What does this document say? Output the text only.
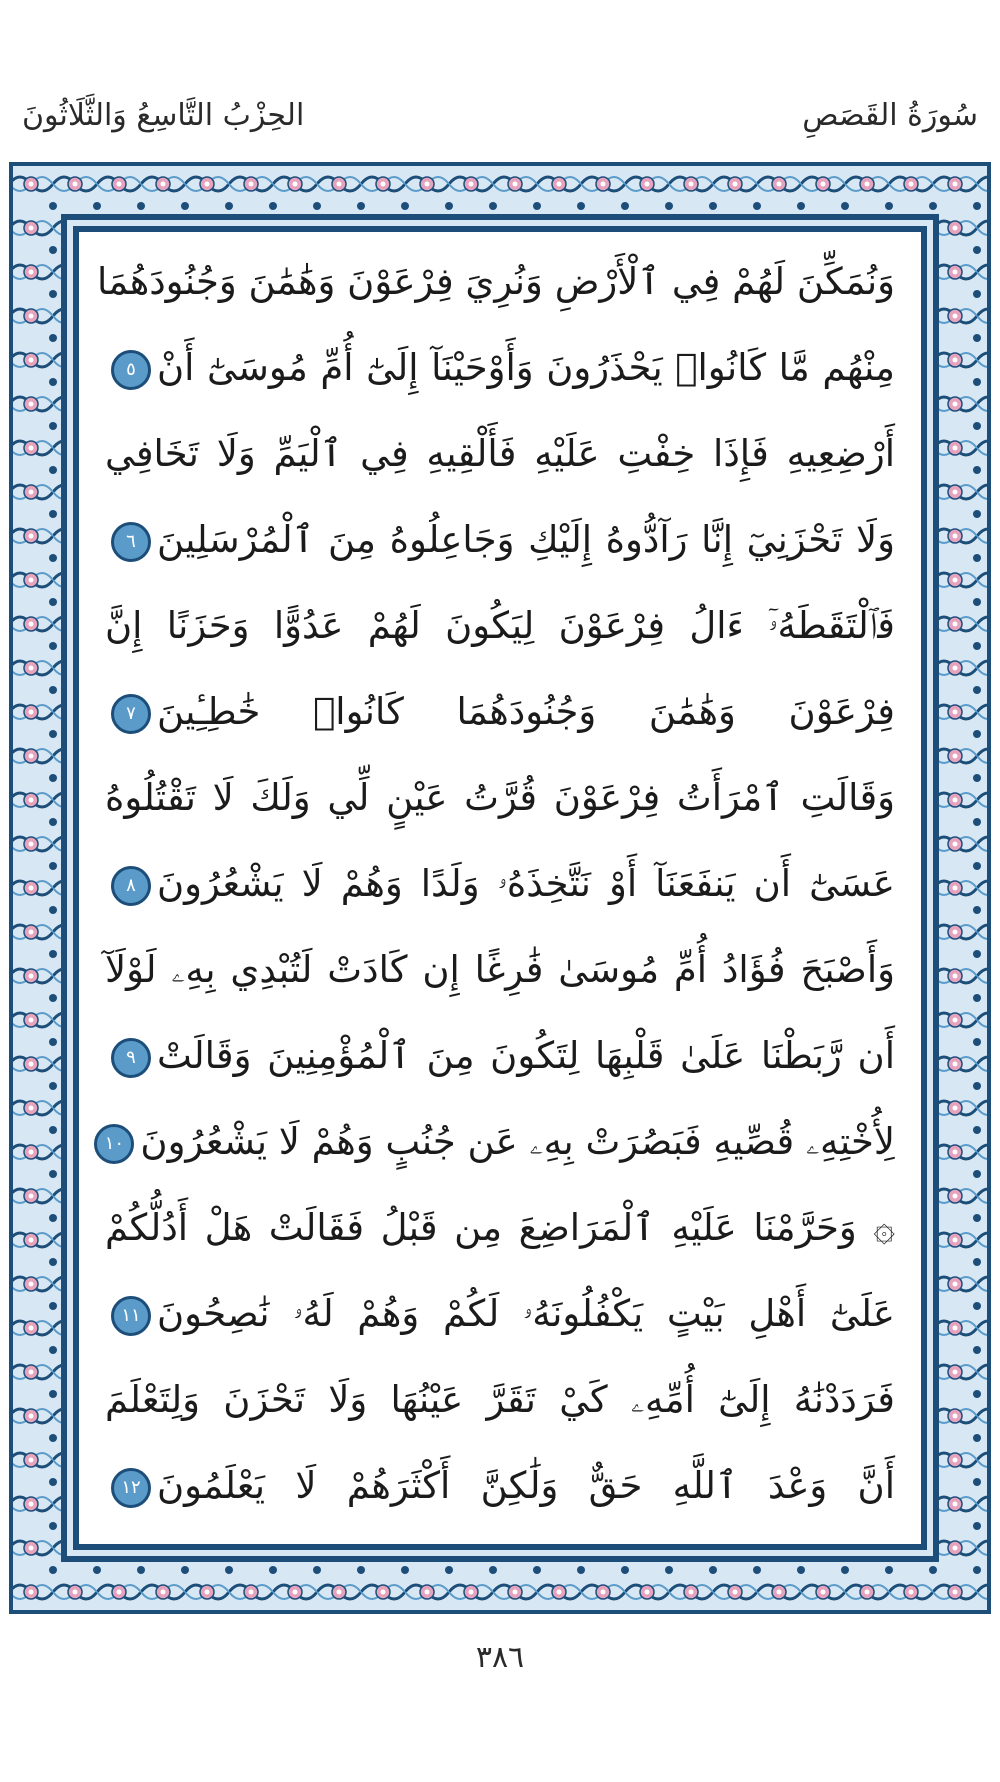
الحِزْبُ التَّاسِعُ وَالثَّلَاثُونَ	سُورَةُ القَصَصِ
وَنُمَكِّنَ لَهُمْ فِي ٱلْأَرْضِ وَنُرِيَ فِرْعَوْنَ وَهَٰمَٰنَ وَجُنُودَهُمَا
مِنْهُم مَّا كَانُوا۟ يَحْذَرُونَ وَأَوْحَيْنَآ إِلَىٰٓ أُمِّ مُوسَىٰٓ أَنْ٥
أَرْضِعِيهِ فَإِذَا خِفْتِ عَلَيْهِ فَأَلْقِيهِ فِي ٱلْيَمِّ وَلَا تَخَافِي
وَلَا تَحْزَنِيٓ إِنَّا رَآدُّوهُ إِلَيْكِ وَجَاعِلُوهُ مِنَ ٱلْمُرْسَلِينَ٦
فَٱلْتَقَطَهُۥٓ ءَالُ فِرْعَوْنَ لِيَكُونَ لَهُمْ عَدُوًّا وَحَزَنًا إِنَّ
فِرْعَوْنَ وَهَٰمَٰنَ وَجُنُودَهُمَا كَانُوا۟ خَٰطِـِٔينَ٧
وَقَالَتِ ٱمْرَأَتُ فِرْعَوْنَ قُرَّتُ عَيْنٍ لِّي وَلَكَ لَا تَقْتُلُوهُ
عَسَىٰٓ أَن يَنفَعَنَآ أَوْ نَتَّخِذَهُۥ وَلَدًا وَهُمْ لَا يَشْعُرُونَ٨
وَأَصْبَحَ فُؤَادُ أُمِّ مُوسَىٰ فَٰرِغًا إِن كَادَتْ لَتُبْدِي بِهِۦ لَوْلَآ
أَن رَّبَطْنَا عَلَىٰ قَلْبِهَا لِتَكُونَ مِنَ ٱلْمُؤْمِنِينَ وَقَالَتْ٩
لِأُخْتِهِۦ قُصِّيهِ فَبَصُرَتْ بِهِۦ عَن جُنُبٍ وَهُمْ لَا يَشْعُرُونَ١٠
۞ وَحَرَّمْنَا عَلَيْهِ ٱلْمَرَاضِعَ مِن قَبْلُ فَقَالَتْ هَلْ أَدُلُّكُمْ
عَلَىٰٓ أَهْلِ بَيْتٍ يَكْفُلُونَهُۥ لَكُمْ وَهُمْ لَهُۥ نَٰصِحُونَ١١
فَرَدَدْنَٰهُ إِلَىٰٓ أُمِّهِۦ كَيْ تَقَرَّ عَيْنُهَا وَلَا تَحْزَنَ وَلِتَعْلَمَ
أَنَّ وَعْدَ ٱللَّهِ حَقٌّ وَلَٰكِنَّ أَكْثَرَهُمْ لَا يَعْلَمُونَ١٢
٣٨٦
